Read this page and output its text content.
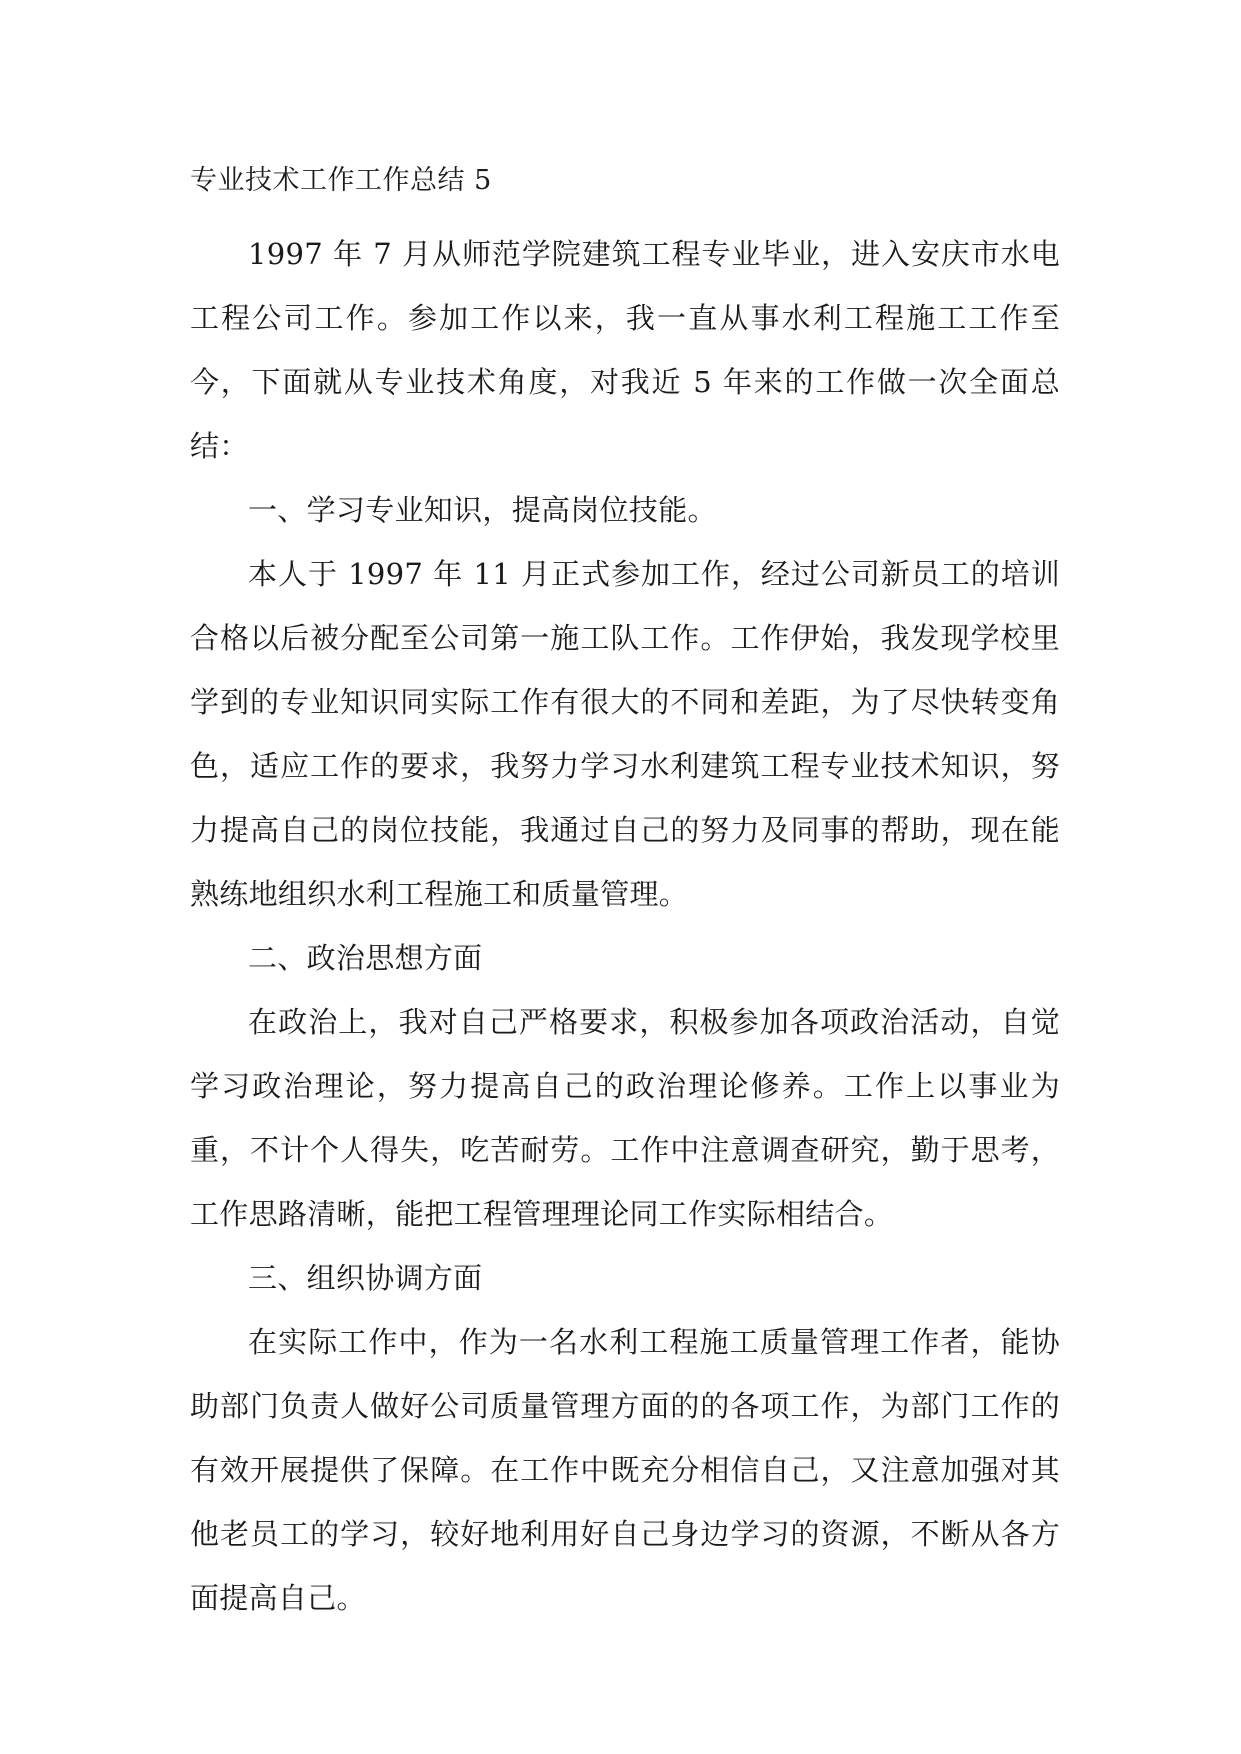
专业技术工作工作总结 5

1997 年 7 月从师范学院建筑工程专业毕业，进入安庆市水电工程公司工作。参加工作以来，我一直从事水利工程施工工作至今，下面就从专业技术角度，对我近 5 年来的工作做一次全面总结：

一、学习专业知识，提高岗位技能。

本人于 1997 年 11 月正式参加工作，经过公司新员工的培训合格以后被分配至公司第一施工队工作。工作伊始，我发现学校里学到的专业知识同实际工作有很大的不同和差距，为了尽快转变角色，适应工作的要求，我努力学习水利建筑工程专业技术知识，努力提高自己的岗位技能，我通过自己的努力及同事的帮助，现在能熟练地组织水利工程施工和质量管理。

二、政治思想方面

在政治上，我对自己严格要求，积极参加各项政治活动，自觉学习政治理论，努力提高自己的政治理论修养。工作上以事业为重，不计个人得失，吃苦耐劳。工作中注意调查研究，勤于思考，工作思路清晰，能把工程管理理论同工作实际相结合。

三、组织协调方面

在实际工作中，作为一名水利工程施工质量管理工作者，能协助部门负责人做好公司质量管理方面的的各项工作，为部门工作的有效开展提供了保障。在工作中既充分相信自己，又注意加强对其他老员工的学习，较好地利用好自己身边学习的资源，不断从各方面提高自己。
